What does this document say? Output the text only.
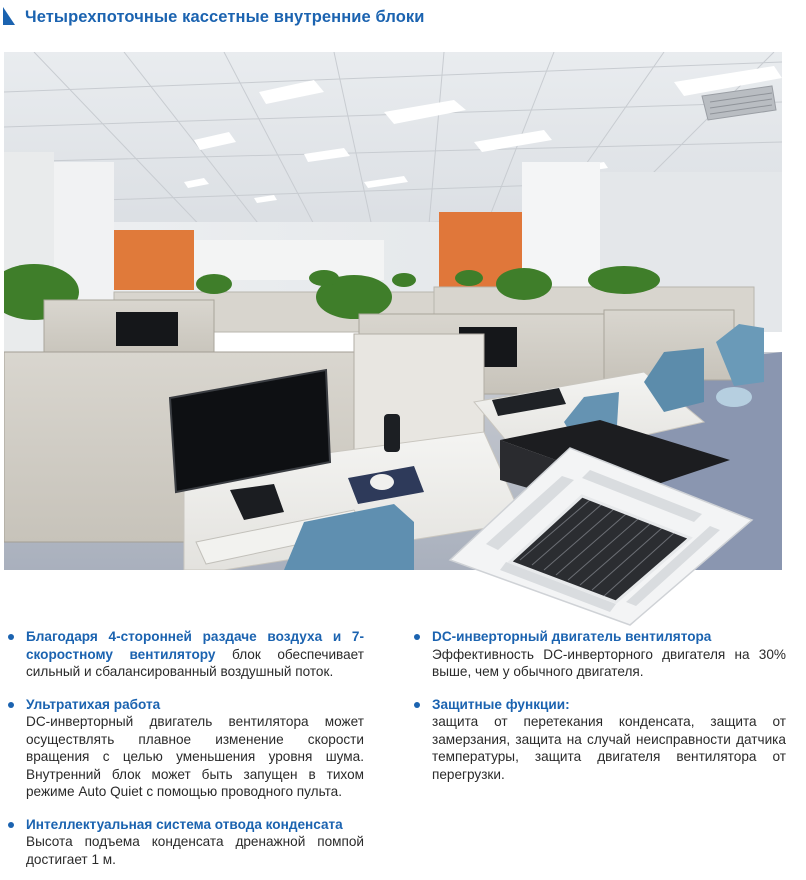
Четырехпоточные кассетные внутренние блоки
Благодаря 4-сторонней раздаче воздуха и 7-скоростному вентилятору блок обеспечивает сильный и сбалансированный воздушный поток.
Ультратихая работа
DC-инверторный двигатель вентилятора может осуществлять плавное изменение скорости вращения с целью уменьшения уровня шума. Внутренний блок может быть запущен в тихом режиме Auto Quiet с помощью проводного пульта.
Интеллектуальная система отвода конденсата
Высота подъема конденсата дренажной помпой достигает 1 м.
DC-инверторный двигатель вентилятора
Эффективность DC-инверторного двигателя на 30% выше, чем у обычного двигателя.
Защитные функции:
защита от перетекания конденсата, защита от замерзания, защита на случай неисправности датчика температуры, защита двигателя вентилятора от перегрузки.
